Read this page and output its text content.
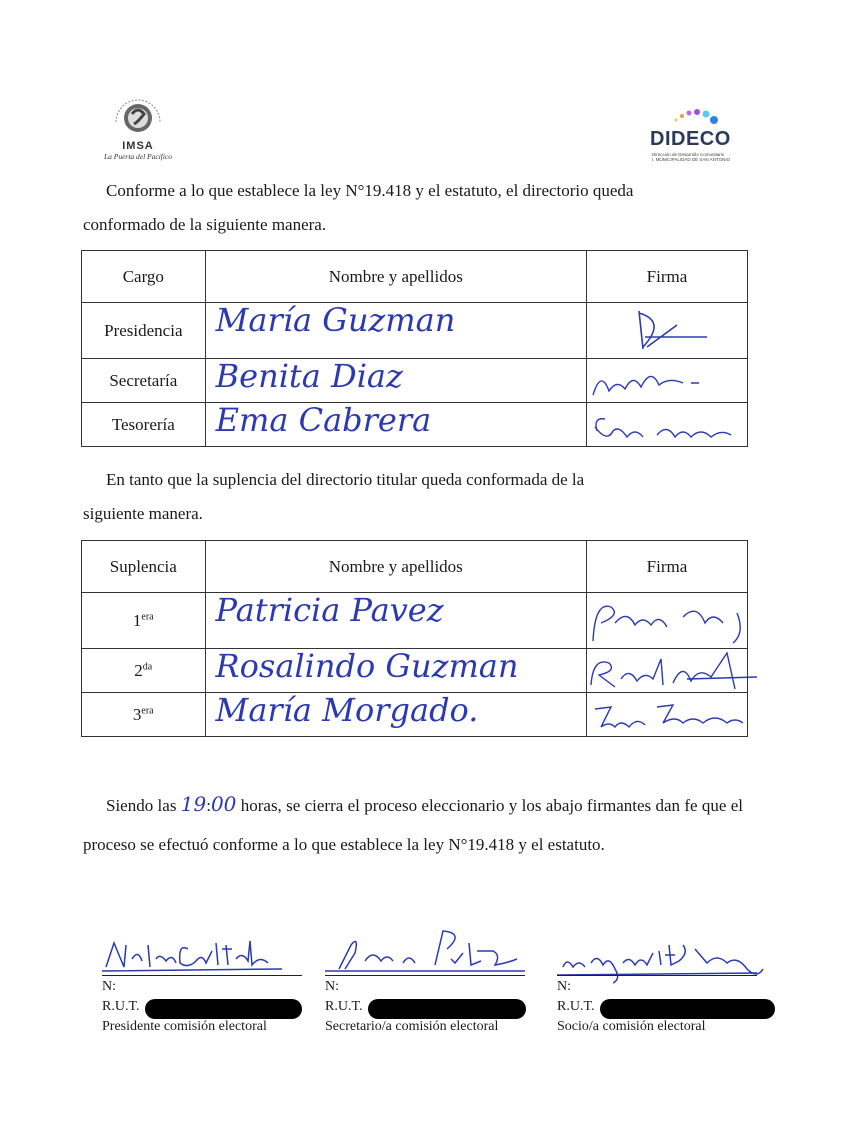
IMSA
La Puerta del Pacífico
DIDECO
Dirección de Desarrollo Comunitario
I. MUNICIPALIDAD DE SAN ANTONIO
Conforme a lo que establece la ley N°19.418 y el estatuto, el directorio queda
conformado de la siguiente manera.
Cargo	Nombre y apellidos	Firma
Presidencia	María Guzman

Secretaría	Benita Diaz

Tesorería	Ema Cabrera

En tanto que la suplencia del directorio titular queda conformada de la
siguiente manera.
Suplencia	Nombre y apellidos	Firma
$1^{era}$	Patricia Pavez

$2^{da}$	Rosalindo Guzman

$3^{era}$	María Morgado.

Siendo las 19:00 horas, se cierra el proceso eleccionario y los abajo firmantes dan fe que el proceso se efectuó conforme a lo que establece la ley N°19.418 y el estatuto.
N:
R.U.T.
Presidente comisión electoral
N:
R.U.T.
Secretario/a comisión electoral
N:
R.U.T.
Socio/a comisión electoral
